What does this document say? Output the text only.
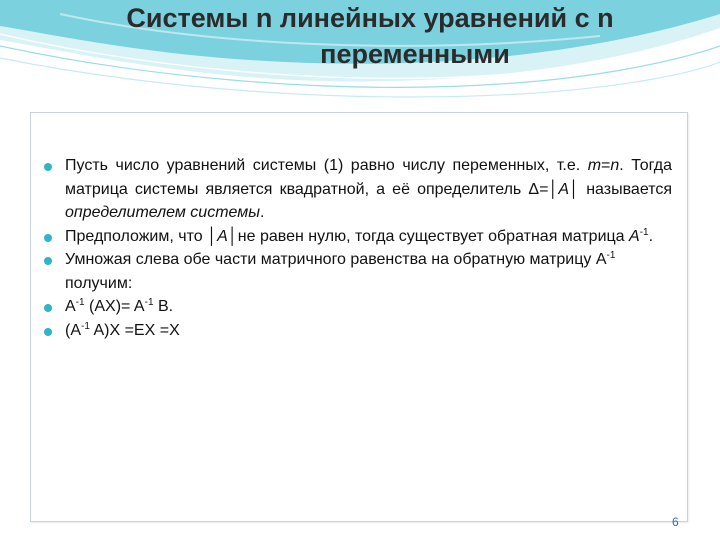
Системы n линейных уравнений с n
переменными
Пусть число уравнений системы (1) равно числу переменных, т.е. m=n. Тогда матрица системы является квадратной, а её определитель Δ=│A│ называется определителем системы.
Предположим, что │A│не равен нулю, тогда существует обратная матрица $A^{-1}$.
Умножая слева обе части матричного равенства на обратную матрицу $А^{-1}$ получим:
$A^{-1}$ $(AX)= A^{-1}$ B.
($A^{-1}$ A)X =EX =X
6
